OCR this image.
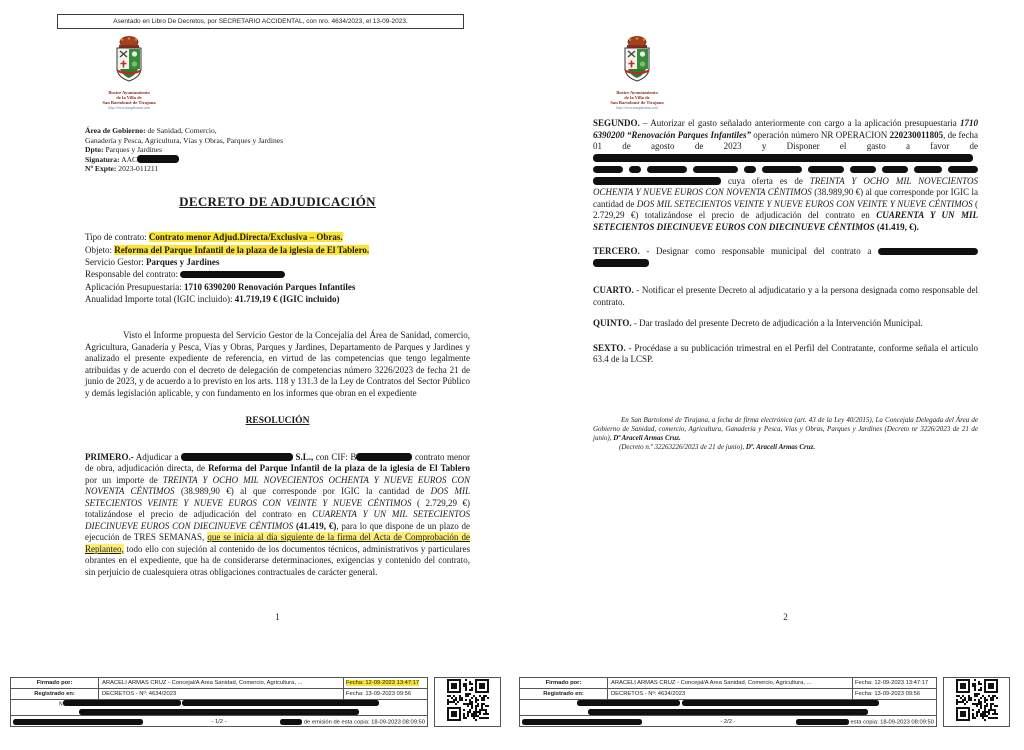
Asentado en Libro De Decretos, por SECRETARIO ACCIDENTAL, con nro. 4634/2023, el 13-09-2023.
Ilustre Ayuntamiento
de la Villa de
San Bartolomé de Tirajana
http://www.maspalomas.com
Área de Gobierno: de Sanidad, Comercio,
Ganadería y Pesca, Agricultura, Vías y Obras, Parques y Jardines
Dpto: Parques y Jardines
Signatura: AAC
Nº Expte: 2023-011211
DECRETO DE ADJUDICACIÓN
Tipo de contrato: Contrato menor Adjud.Directa/Exclusiva – Obras.
Objeto: Reforma del Parque Infantil de la plaza de la iglesia de El Tablero.
Servicio Gestor: Parques y Jardines
Responsable del contrato:
Aplicación Presupuestaria: 1710 6390200 Renovación Parques Infantiles
Anualidad Importe total (IGIC incluido): 41.719,19 € (IGIC incluido)
Visto el Informe propuesta del Servicio Gestor de la Concejalía del Área de Sanidad, comercio, Agricultura, Ganadería y Pesca, Vías y Obras, Parques y Jardines, Departamento de Parques y Jardines y analizado el presente expediente de referencia, en virtud de las competencias que tengo legalmente atribuidas y de acuerdo con el decreto de delegación de competencias número 3226/2023 de fecha 21 de junio de 2023, y de acuerdo a lo previsto en los arts. 118 y 131.3 de la Ley de Contratos del Sector Público y demás legislación aplicable, y con fundamento en los informes que obran en el expediente
RESOLUCIÓN
PRIMERO.- Adjudicar a	S.L., con CIF: B	contrato menor de obra, adjudicación directa, de Reforma del Parque Infantil de la plaza de la iglesia de El Tablero por un importe de TREINTA Y OCHO MIL NOVECIENTOS OCHENTA Y NUEVE EUROS CON NOVENTA CÉNTIMOS (38.989,90 €) al que corresponde por IGIC la cantidad de DOS MIL SETECIENTOS VEINTE Y NUEVE EUROS CON VEINTE Y NUEVE CÉNTIMOS ( 2.729,29 €) totalizándose el precio de adjudicación del contrato en CUARENTA Y UN MIL SETECIENTOS DIECINUEVE EUROS CON DIECINUEVE CÉNTIMOS (41.419, €), para lo que dispone de un plazo de ejecución de TRES SEMANAS, que se inicia al día siguiente de la firma del Acta de Comprobación de Replanteo, todo ello con sujeción al contenido de los documentos técnicos, administrativos y particulares obrantes en el expediente, que ha de considerarse determinaciones, exigencias y contenido del contrato, sin perjuicio de cualesquiera otras obligaciones contractuales de carácter general.
1
Ilustre Ayuntamiento
de la Villa de
San Bartolomé de Tirajana
http://www.maspalomas.com
SEGUNDO. – Autorizar el gasto señalado anteriormente con cargo a la aplicación presupuestaria 1710 6390200 “Renovación Parques Infantiles” operación número NR OPERACION 220230011805, de fecha 01 de agosto de 2023 y Disponer el gasto a favor de              cuya oferta es de TREINTA Y OCHO MIL NOVECIENTOS OCHENTA Y NUEVE EUROS CON NOVENTA CÉNTIMOS (38.989,90 €) al que corresponde por IGIC la cantidad de DOS MIL SETECIENTOS VEINTE Y NUEVE EUROS CON VEINTE Y NUEVE CÉNTIMOS ( 2.729,29 €) totalizándose el precio de adjudicación del contrato en CUARENTA Y UN MIL SETECIENTOS DIECINUEVE EUROS CON DIECINUEVE CÉNTIMOS (41.419, €).
TERCERO. - Designar como responsable municipal del contrato a
CUARTO. - Notificar el presente Decreto al adjudicatario y a la persona designada como responsable del contrato.
QUINTO. - Dar traslado del presente Decreto de adjudicación a la Intervención Municipal.
SEXTO. - Procédase a su publicación trimestral en el Perfil del Contratante, conforme señala el artículo 63.4 de la LCSP.
En San Bartolomé de Tirajana, a fecha de firma electrónica (art. 43 de la Ley 40/2015), La Concejala Delegada del Área de Gobierno de Sanidad, comercio, Agricultura, Ganadería y Pesca, Vías y Obras, Parques y Jardines (Decreto nr 3226/2023 de 21 de junio), Dª Araceli Armas Cruz.
(Decreto n.º 32263226/2023 de 21 de junio), Dª. Araceli Armas Cruz.
2
Firmado por:	ARACELI ARMAS CRUZ - Concejal/A Area Sanidad, Comercio, Agricultura, ...	Fecha: 12-09-2023 13:47:17
Registrado en:	DECRETOS - Nº: 4634/2023	Fecha: 13-09-2023 09:56
N
- 1/2 -	de emisión de esta copia: 18-09-2023 08:09:50
Firmado por:	ARACELI ARMAS CRUZ - Concejal/A Area Sanidad, Comercio, Agricultura, ...	Fecha: 12-09-2023 13:47:17
Registrado en:	DECRETOS - Nº: 4634/2023	Fecha: 13-09-2023 09:56

- 2/2 -	esta copia: 18-09-2023 08:09:50
